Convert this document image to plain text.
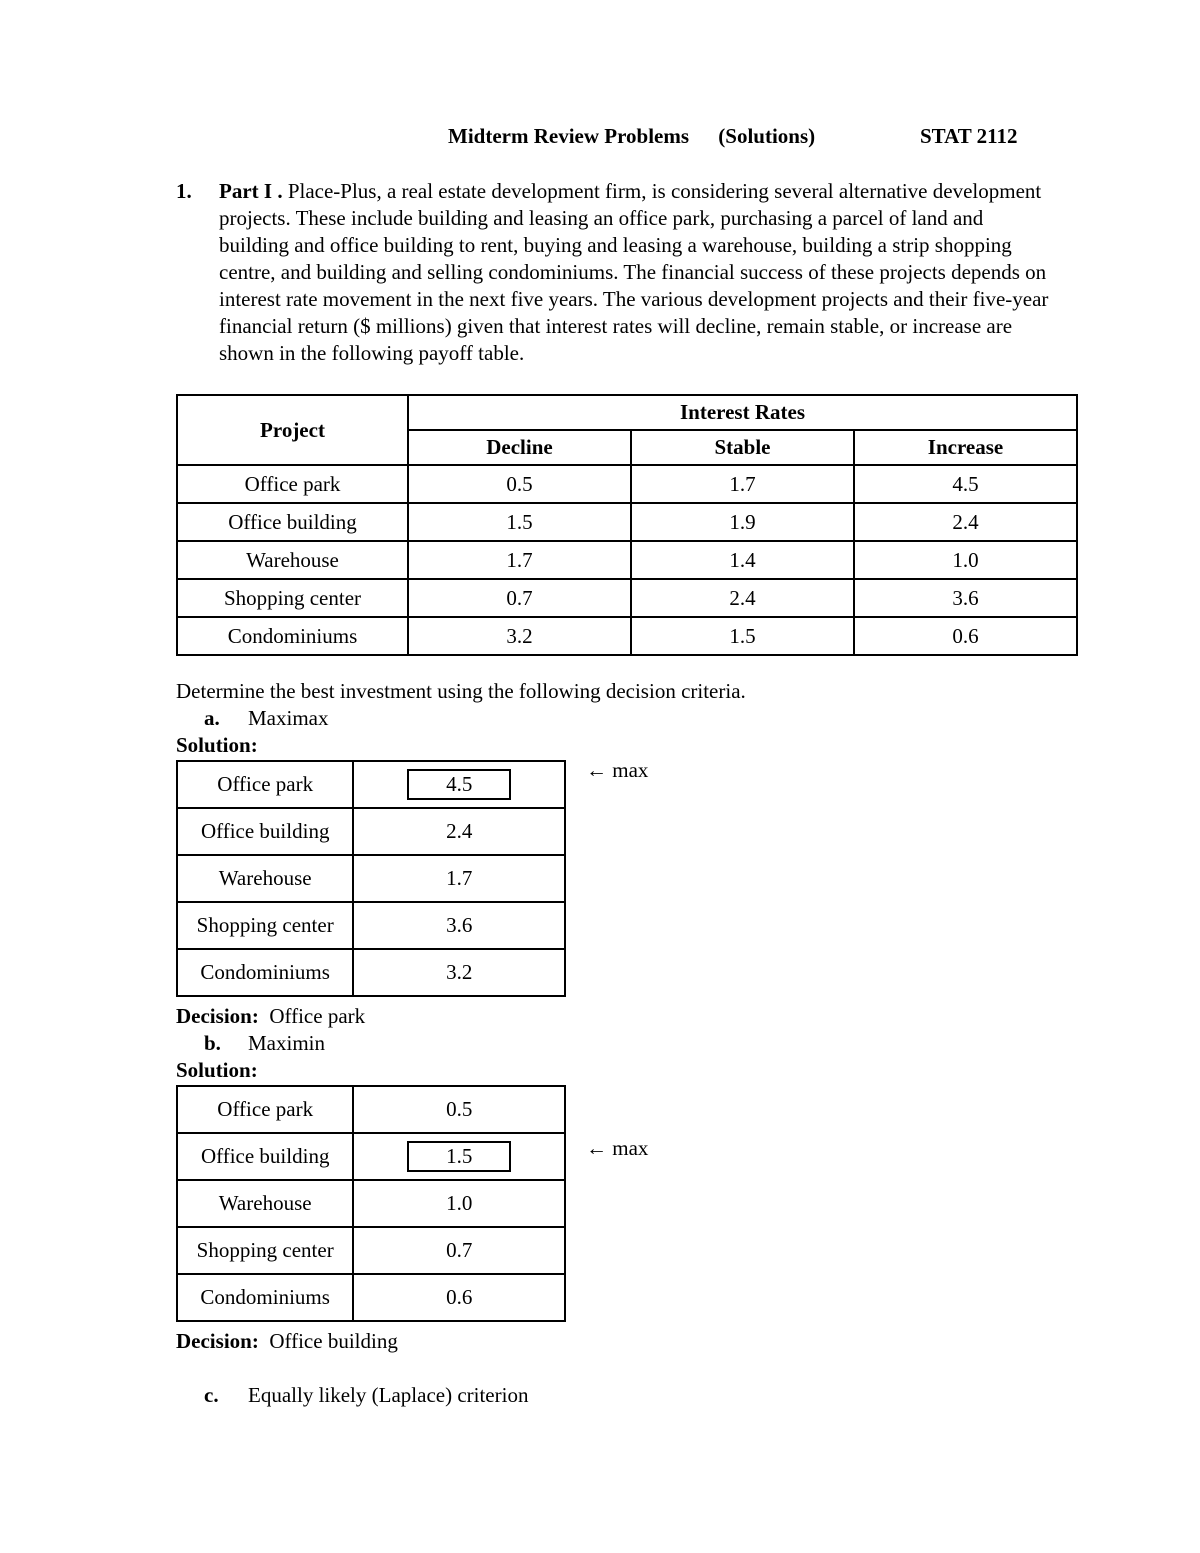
Midterm Review Problems (Solutions)	STAT 2112
1. Part I . Place-Plus, a real estate development firm, is considering several alternative development projects. These include building and leasing an office park, purchasing a parcel of land and building and office building to rent, buying and leasing a warehouse, building a strip shopping centre, and building and selling condominiums. The financial success of these projects depends on interest rate movement in the next five years. The various development projects and their five-year financial return ($ millions) given that interest rates will decline, remain stable, or increase are shown in the following payoff table.
Project	Interest Rates		
	Decline	Stable	Increase
Office park	0.5	1.7	4.5
Office building	1.5	1.9	2.4
Warehouse	1.7	1.4	1.0
Shopping center	0.7	2.4	3.6
Condominiums	3.2	1.5	0.6
Determine the best investment using the following decision criteria.
a. Maximax
Solution:
Office park	4.5
Office building	2.4
Warehouse	1.7
Shopping center	3.6
Condominiums	3.2
← max
Decision: Office park
b. Maximin
Solution:
Office park	0.5
Office building	1.5
Warehouse	1.0
Shopping center	0.7
Condominiums	0.6
← max
Decision: Office building
c. Equally likely (Laplace) criterion
